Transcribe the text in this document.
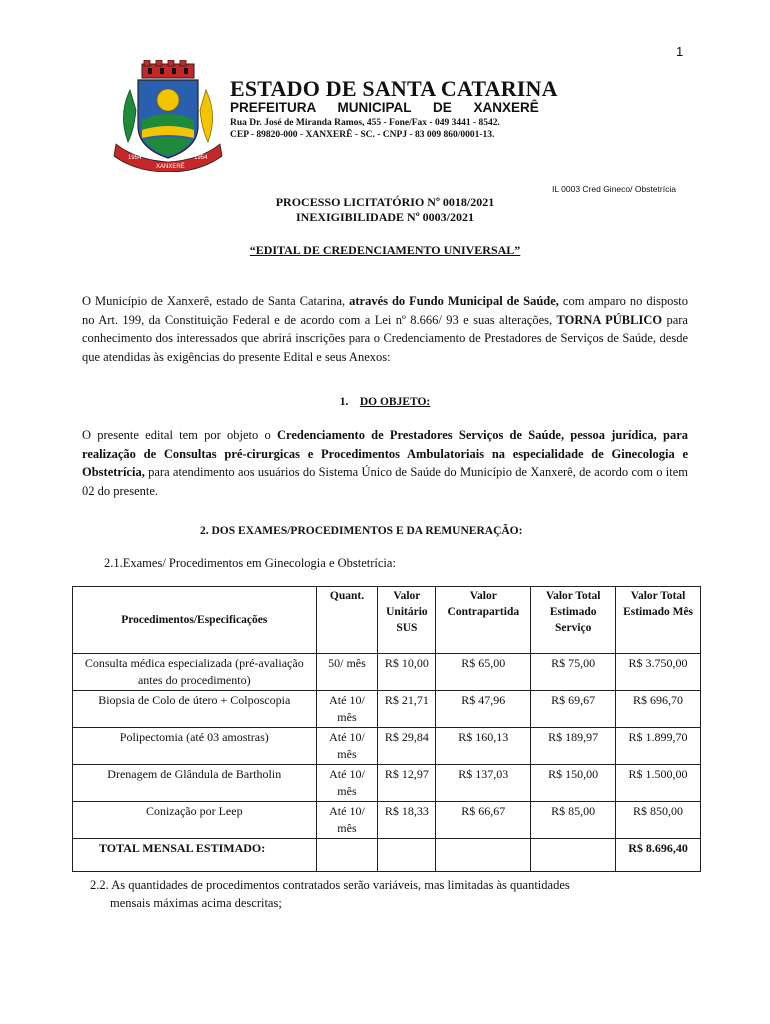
1
1954	1954
XANXERÊ
ESTADO DE SANTA CATARINA
PREFEITURA MUNICIPAL DE XANXERÊ
Rua Dr. José de Miranda Ramos, 455 - Fone/Fax - 049 3441 - 8542.
CEP - 89820-000 - XANXERÊ - SC. - CNPJ - 83 009 860/0001-13.
IL 0003 Cred Gineco/ Obstetrícia
PROCESSO LICITATÓRIO Nº 0018/2021
INEXIGIBILIDADE Nº 0003/2021
“EDITAL DE CREDENCIAMENTO UNIVERSAL”
O Município de Xanxerê, estado de Santa Catarina, através do Fundo Municipal de Saúde, com amparo no disposto no Art. 199, da Constituição Federal e de acordo com a Lei nº 8.666/ 93 e suas alterações, TORNA PÚBLICO para conhecimento dos interessados que abrirá inscrições para o Credenciamento de Prestadores de Serviços de Saúde, desde que atendidas às exigências do presente Edital e seus Anexos:
1. DO OBJETO:
O presente edital tem por objeto o Credenciamento de Prestadores Serviços de Saúde, pessoa jurídica, para realização de Consultas pré-cirurgicas e Procedimentos Ambulatoriais na especialidade de Ginecologia e Obstetrícia, para atendimento aos usuários do Sistema Único de Saúde do Município de Xanxerê, de acordo com o item 02 do presente.
2. DOS EXAMES/PROCEDIMENTOS E DA REMUNERAÇÃO:
2.1.Exames/ Procedimentos em Ginecologia e Obstetrícia:
Procedimentos/Especificações	Quant.	Valor Unitário SUS	Valor Contrapartida	Valor Total Estimado Serviço	Valor Total Estimado Mês
Consulta médica especializada (pré-avaliação antes do procedimento)	50/ mês	R$ 10,00	R$ 65,00	R$ 75,00	R$ 3.750,00
Biopsia de Colo de útero + Colposcopia	Até 10/ mês	R$ 21,71	R$ 47,96	R$ 69,67	R$ 696,70
Polipectomia (até 03 amostras)	Até 10/ mês	R$ 29,84	R$ 160,13	R$ 189,97	R$ 1.899,70
Drenagem de Glândula de Bartholin	Até 10/ mês	R$ 12,97	R$ 137,03	R$ 150,00	R$ 1.500,00
Conização por Leep	Até 10/ mês	R$ 18,33	R$ 66,67	R$ 85,00	R$ 850,00
TOTAL MENSAL ESTIMADO:					R$ 8.696,40
2.2. As quantidades de procedimentos contratados serão variáveis, mas limitadas às quantidades
mensais máximas acima descritas;
